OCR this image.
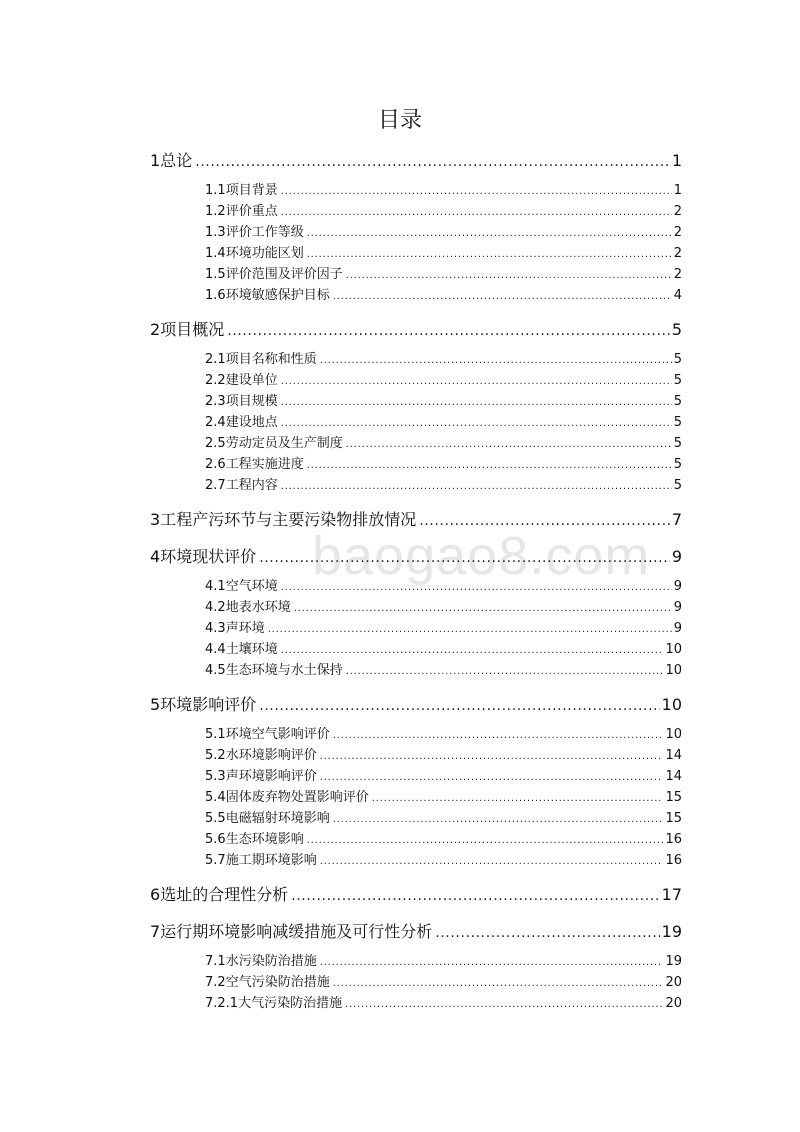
baogao8.com
目录
1 总论 .....	1
1.1 项目背景 .....	1
1.2 评价重点 .....	2
1.3 评价工作等级 .....	2
1.4 环境功能区划 .....	2
1.5 评价范围及评价因子 .....	2
1.6 环境敏感保护目标 .....	4
2 项目概况 .....	5
2.1 项目名称和性质 .....	5
2.2 建设单位 .....	5
2.3 项目规模 .....	5
2.4 建设地点 .....	5
2.5 劳动定员及生产制度 .....	5
2.6 工程实施进度 .....	5
2.7 工程内容 .....	5
3 工程产污环节与主要污染物排放情况 .....	7
4 环境现状评价 .....	9
4.1 空气环境 .....	9
4.2 地表水环境 .....	9
4.3 声环境 .....	9
4.4 土壤环境 .....	10
4.5 生态环境与水土保持 .....	10
5 环境影响评价 .....	10
5.1 环境空气影响评价 .....	10
5.2 水环境影响评价 .....	14
5.3 声环境影响评价 .....	14
5.4 固体废弃物处置影响评价 .....	15
5.5 电磁辐射环境影响 .....	15
5.6 生态环境影响 .....	16
5.7 施工期环境影响 .....	16
6 选址的合理性分析 .....	17
7 运行期环境影响减缓措施及可行性分析 .....	19
7.1 水污染防治措施 .....	19
7.2 空气污染防治措施 .....	20
7.2.1 大气污染防治措施 .....	20
